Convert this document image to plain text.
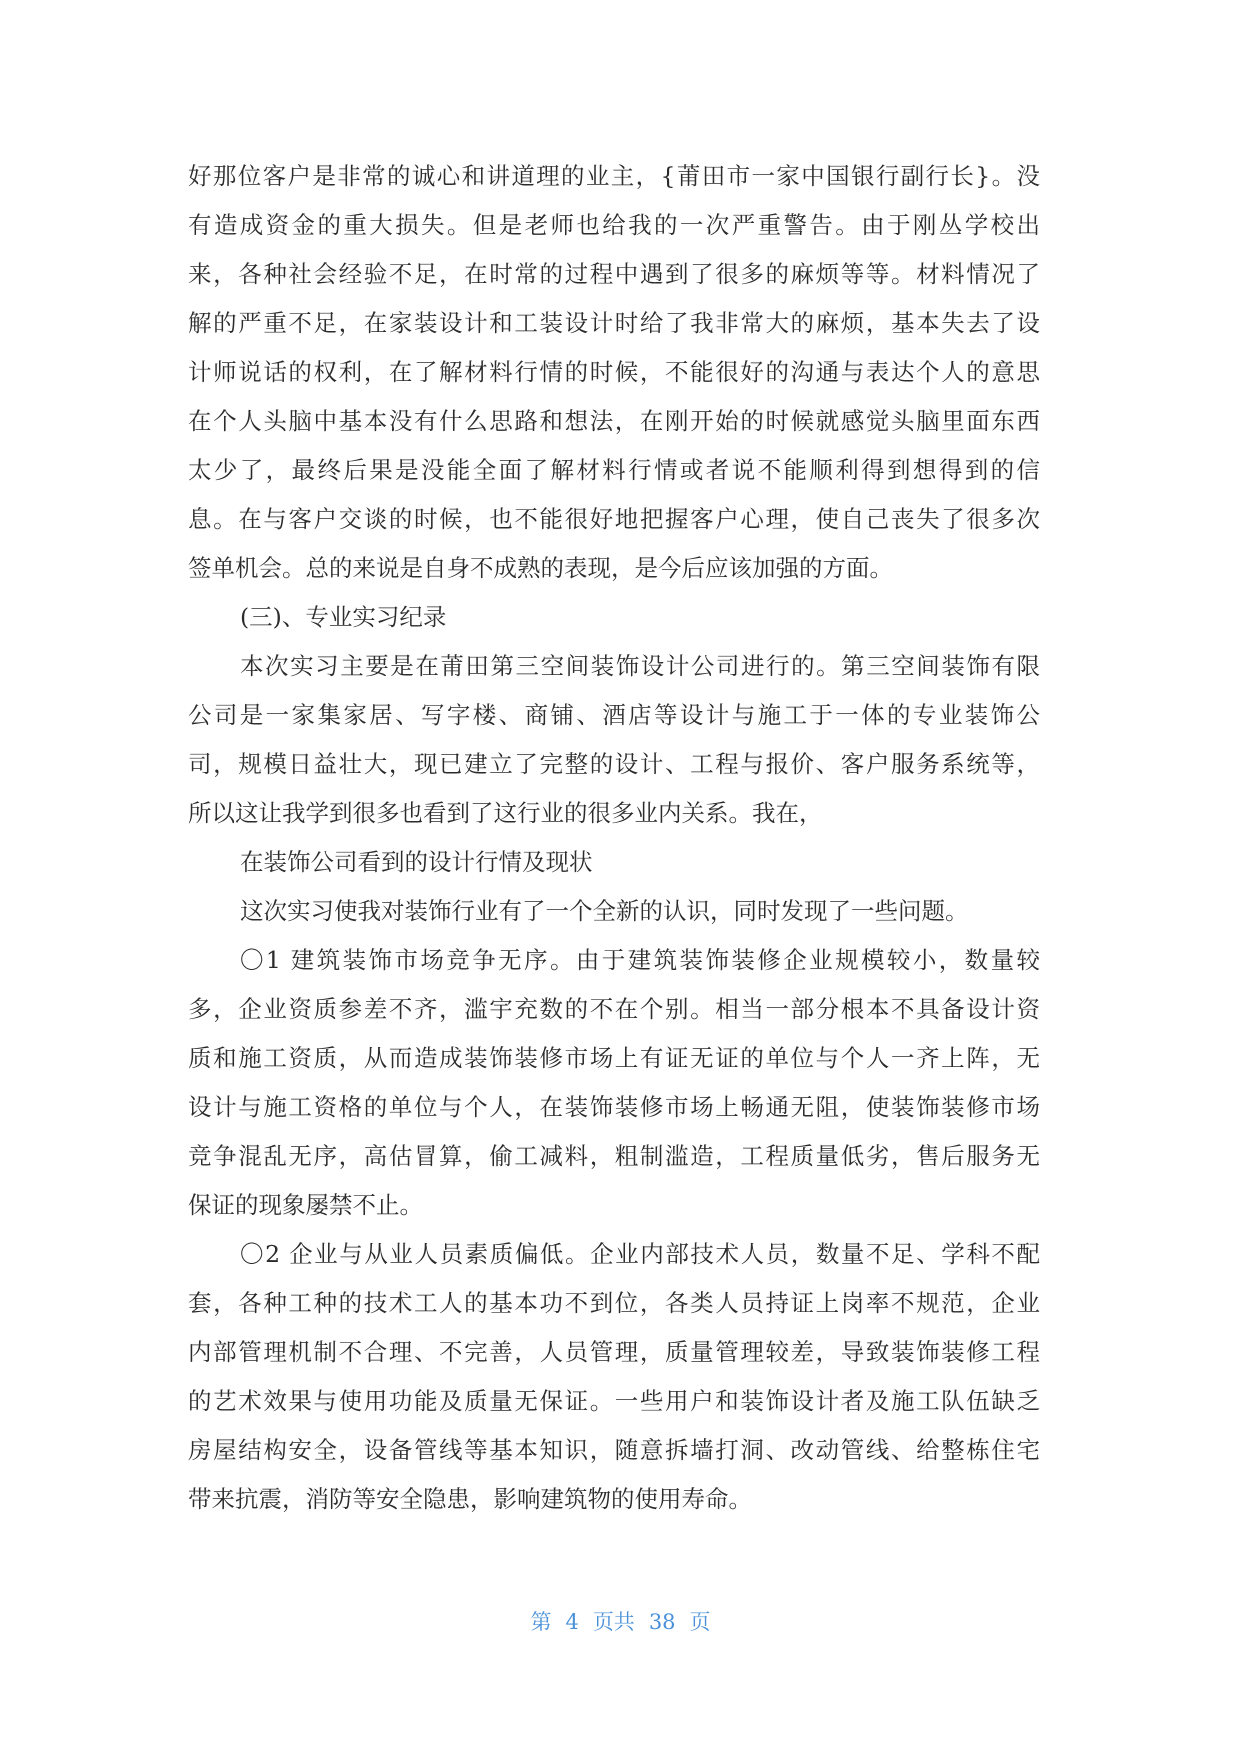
好那位客户是非常的诚心和讲道理的业主，{莆田市一家中国银行副行长}。没
有造成资金的重大损失。但是老师也给我的一次严重警告。由于刚丛学校出
来，各种社会经验不足，在时常的过程中遇到了很多的麻烦等等。材料情况了
解的严重不足，在家装设计和工装设计时给了我非常大的麻烦，基本失去了设
计师说话的权利，在了解材料行情的时候，不能很好的沟通与表达个人的意思
在个人头脑中基本没有什么思路和想法，在刚开始的时候就感觉头脑里面东西
太少了，最终后果是没能全面了解材料行情或者说不能顺利得到想得到的信
息。在与客户交谈的时候，也不能很好地把握客户心理，使自己丧失了很多次
签单机会。总的来说是自身不成熟的表现，是今后应该加强的方面。
(三)、专业实习纪录
本次实习主要是在莆田第三空间装饰设计公司进行的。第三空间装饰有限
公司是一家集家居、写字楼、商铺、酒店等设计与施工于一体的专业装饰公
司，规模日益壮大，现已建立了完整的设计、工程与报价、客户服务系统等，
所以这让我学到很多也看到了这行业的很多业内关系。我在，
在装饰公司看到的设计行情及现状
这次实习使我对装饰行业有了一个全新的认识，同时发现了一些问题。
〇1 建筑装饰市场竞争无序。由于建筑装饰装修企业规模较小，数量较
多，企业资质参差不齐，滥宇充数的不在个别。相当一部分根本不具备设计资
质和施工资质，从而造成装饰装修市场上有证无证的单位与个人一齐上阵，无
设计与施工资格的单位与个人，在装饰装修市场上畅通无阻，使装饰装修市场
竞争混乱无序，高估冒算，偷工减料，粗制滥造，工程质量低劣，售后服务无
保证的现象屡禁不止。
〇2 企业与从业人员素质偏低。企业内部技术人员，数量不足、学科不配
套，各种工种的技术工人的基本功不到位，各类人员持证上岗率不规范，企业
内部管理机制不合理、不完善，人员管理，质量管理较差，导致装饰装修工程
的艺术效果与使用功能及质量无保证。一些用户和装饰设计者及施工队伍缺乏
房屋结构安全，设备管线等基本知识，随意拆墙打洞、改动管线、给整栋住宅
带来抗震，消防等安全隐患，影响建筑物的使用寿命。
第 4 页共 38 页
